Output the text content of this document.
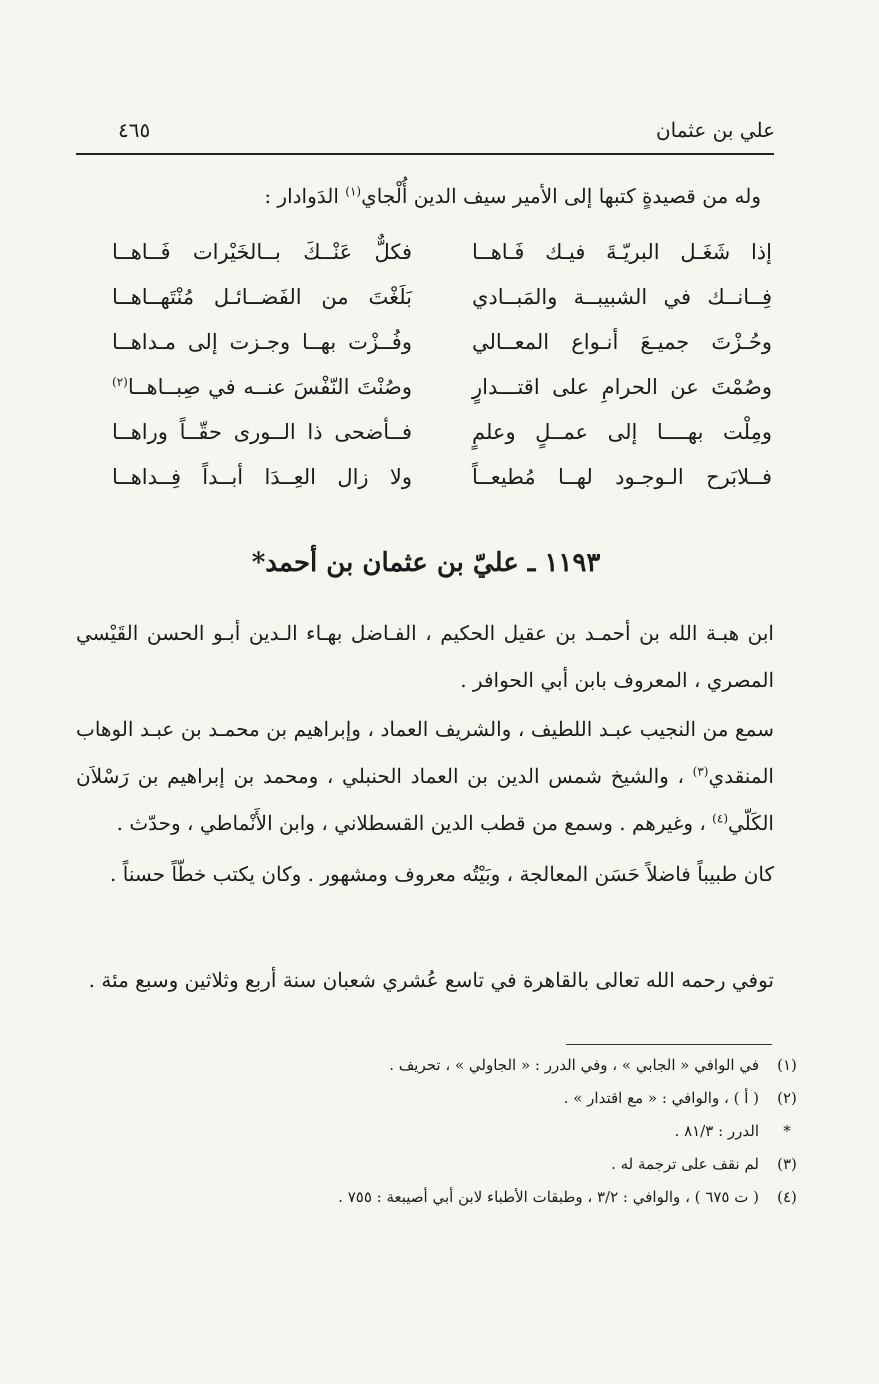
علي بن عثمان
٤٦٥
وله من قصيدةٍ كتبها إلى الأمير سيف الدين أُلْجاي$^{(١)}$ الدَوادار :
إذا شَغَـل البريّـةَ فيـك فَـاهــا
فكلٌّ عَنْــكَ بــالخَيْرات فَــاهــا
فِــانــك في الشبيبــة والمَبــادي
بَلَغْتَ من الفَضــائـل مُنْتَهــاهــا
وحُـزْتَ جميـعَ أنـواع المعــالي
وفُــزْت بهــا وجـزت إلى مـداهــا
وصُمْتَ عن الحرامِ على اقتـــدارٍ
وصُنْتَ النّفْسَ عنــه في صِبــاهــا$^{(٢)}$
ومِلْت بهــــا إلى عمــلٍ وعلمٍ
فــأضحى ذا الــورى حقّــاً وراهــا
فــلابَرح الـوجـود لهــا مُطيعــاً
ولا زال العِــدَا أبــداً فِــداهــا
١١٩٣ ـ عليّ بن عثمان بن أحمد*
ابن هبـة الله بن أحمـد بن عقيل الحكيم ، الفـاضل بهـاء الـدين أبـو الحسن القَيْسي المصري ، المعروف بابن أبي الحوافر .
سمع من النجيب عبـد اللطيف ، والشريف العماد ، وإبراهيم بن محمـد بن عبـد الوهاب المنقدي$^{(٣)}$ ، والشيخ شمس الدين بن العماد الحنبلي ، ومحمد بن إبراهيم بن رَسْلاَن الكَلّي$^{(٤)}$ ، وغيرهم . وسمع من قطب الدين القسطلاني ، وابن الأَنْماطي ، وحدّث .
كان طبيباً فاضلاً حَسَن المعالجة ، وبَيْتُه معروف ومشهور . وكان يكتب خطّاً حسناً .
توفي رحمه الله تعالى بالقاهرة في تاسع عُشري شعبان سنة أربع وثلاثين وسبع مئة .
(١)
في الوافي « الجابي » ، وفي الدرر : « الجاولي » ، تحريف .
(٢)
( أ ) ، والوافي : « مع اقتدار » .
*
الدرر : ٨١/٣ .
(٣)
لم نقف على ترجمة له .
(٤)
( ت ٦٧٥ ) ، والوافي : ٣/٢ ، وطبقات الأطباء لابن أبي أصيبعة : ٧٥٥ .
